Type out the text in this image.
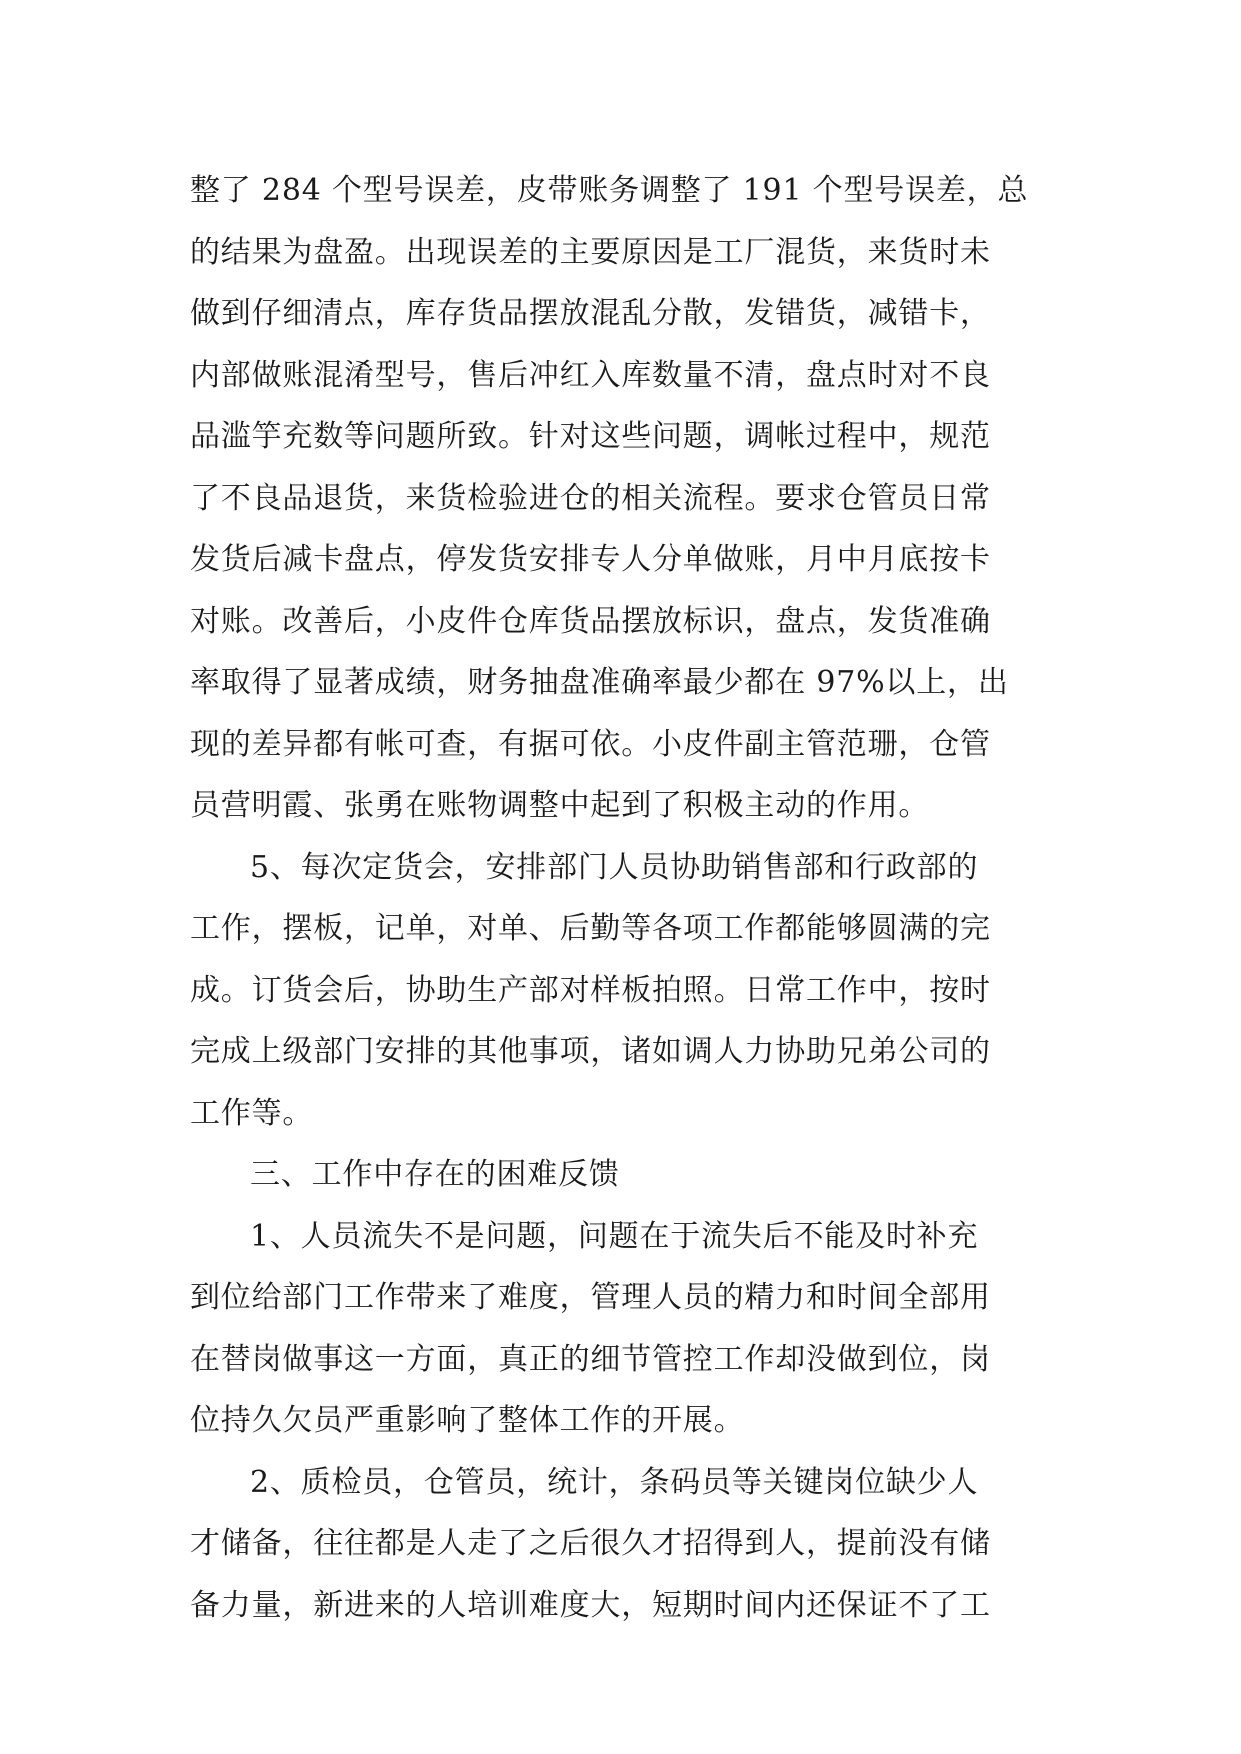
整了 284 个型号误差，皮带账务调整了 191 个型号误差，总
的结果为盘盈。出现误差的主要原因是工厂混货，来货时未
做到仔细清点，库存货品摆放混乱分散，发错货，减错卡，
内部做账混淆型号，售后冲红入库数量不清，盘点时对不良
品滥竽充数等问题所致。针对这些问题，调帐过程中，规范
了不良品退货，来货检验进仓的相关流程。要求仓管员日常
发货后减卡盘点，停发货安排专人分单做账，月中月底按卡
对账。改善后，小皮件仓库货品摆放标识，盘点，发货准确
率取得了显著成绩，财务抽盘准确率最少都在 97%以上，出
现的差异都有帐可查，有据可依。小皮件副主管范珊，仓管
员营明霞、张勇在账物调整中起到了积极主动的作用。
5、每次定货会，安排部门人员协助销售部和行政部的
工作，摆板，记单，对单、后勤等各项工作都能够圆满的完
成。订货会后，协助生产部对样板拍照。日常工作中，按时
完成上级部门安排的其他事项，诸如调人力协助兄弟公司的
工作等。
三、工作中存在的困难反馈
1、人员流失不是问题，问题在于流失后不能及时补充
到位给部门工作带来了难度，管理人员的精力和时间全部用
在替岗做事这一方面，真正的细节管控工作却没做到位，岗
位持久欠员严重影响了整体工作的开展。
2、质检员，仓管员，统计，条码员等关键岗位缺少人
才储备，往往都是人走了之后很久才招得到人，提前没有储
备力量，新进来的人培训难度大，短期时间内还保证不了工
